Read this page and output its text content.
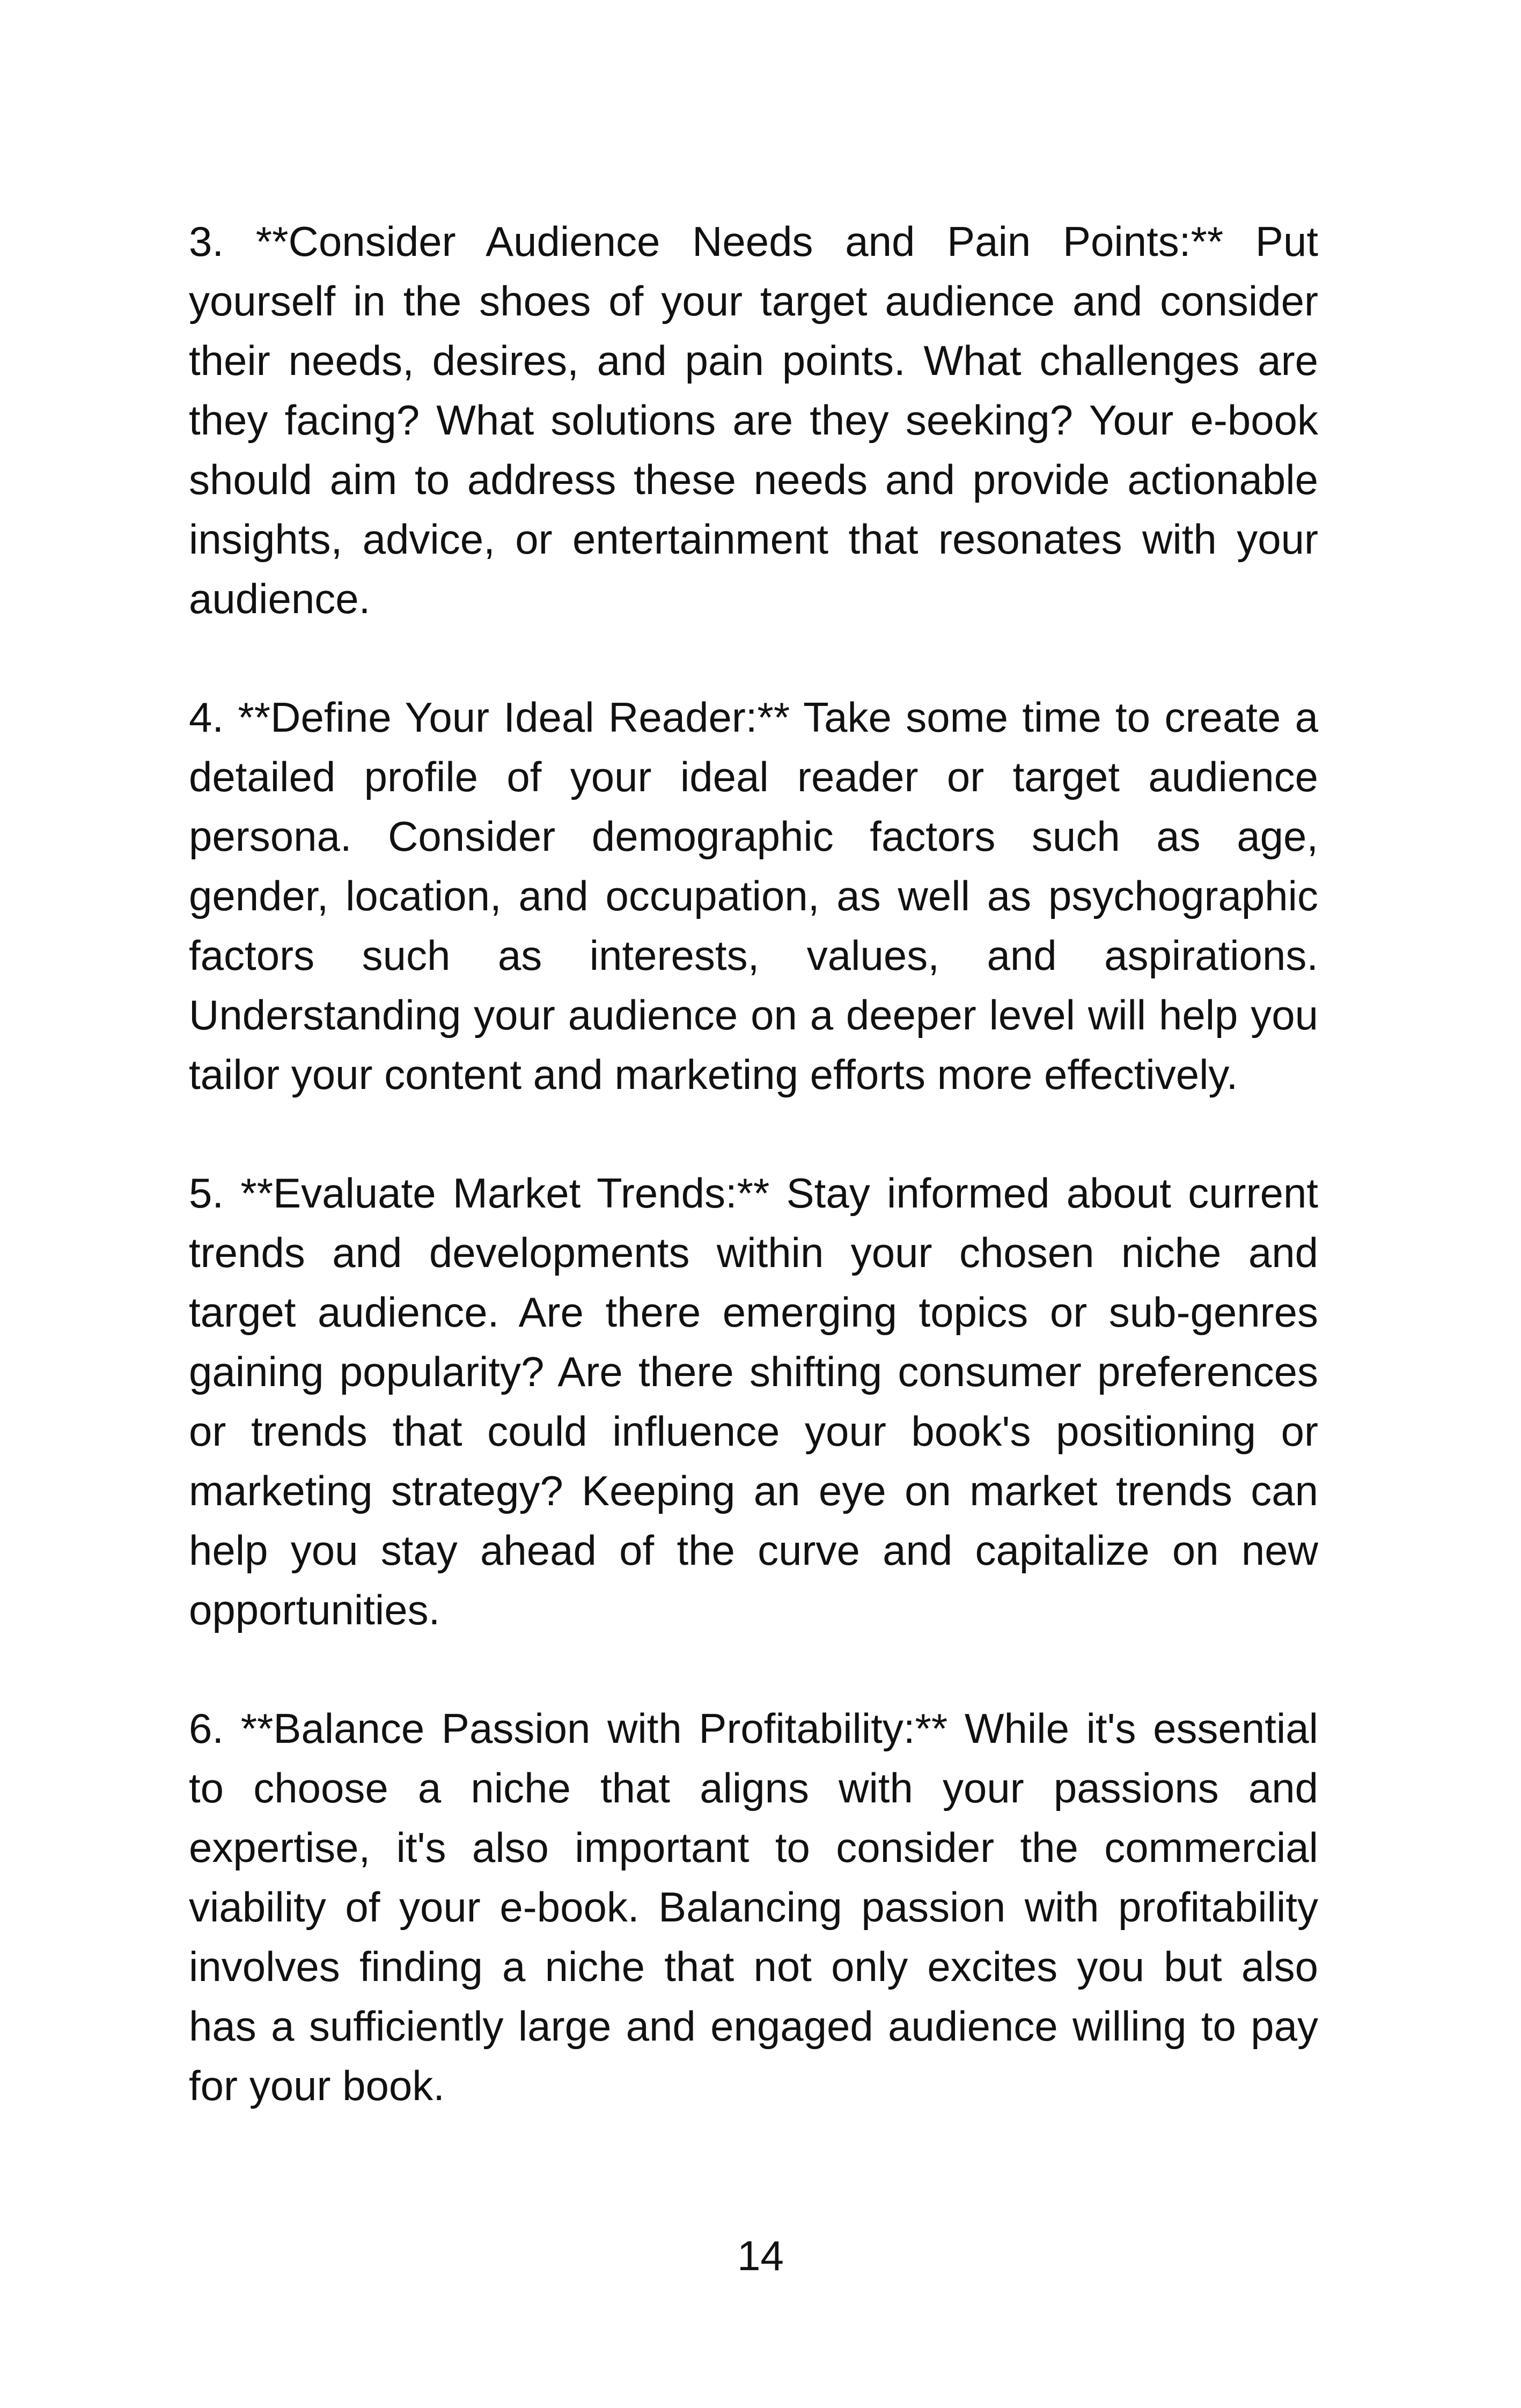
3. **Consider Audience Needs and Pain Points:** Put yourself in the shoes of your target audience and consider their needs, desires, and pain points. What challenges are they facing? What solutions are they seeking? Your e-book should aim to address these needs and provide actionable insights, advice, or entertainment that resonates with your audience.

4. **Define Your Ideal Reader:** Take some time to create a detailed profile of your ideal reader or target audience persona. Consider demographic factors such as age, gender, location, and occupation, as well as psychographic factors such as interests, values, and aspirations. Understanding your audience on a deeper level will help you tailor your content and marketing efforts more effectively.

5. **Evaluate Market Trends:** Stay informed about current trends and developments within your chosen niche and target audience. Are there emerging topics or sub-genres gaining popularity? Are there shifting consumer preferences or trends that could influence your book's positioning or marketing strategy? Keeping an eye on market trends can help you stay ahead of the curve and capitalize on new opportunities.

6. **Balance Passion with Profitability:** While it's essential to choose a niche that aligns with your passions and expertise, it's also important to consider the commercial viability of your e-book. Balancing passion with profitability involves finding a niche that not only excites you but also has a sufficiently large and engaged audience willing to pay for your book.

14
